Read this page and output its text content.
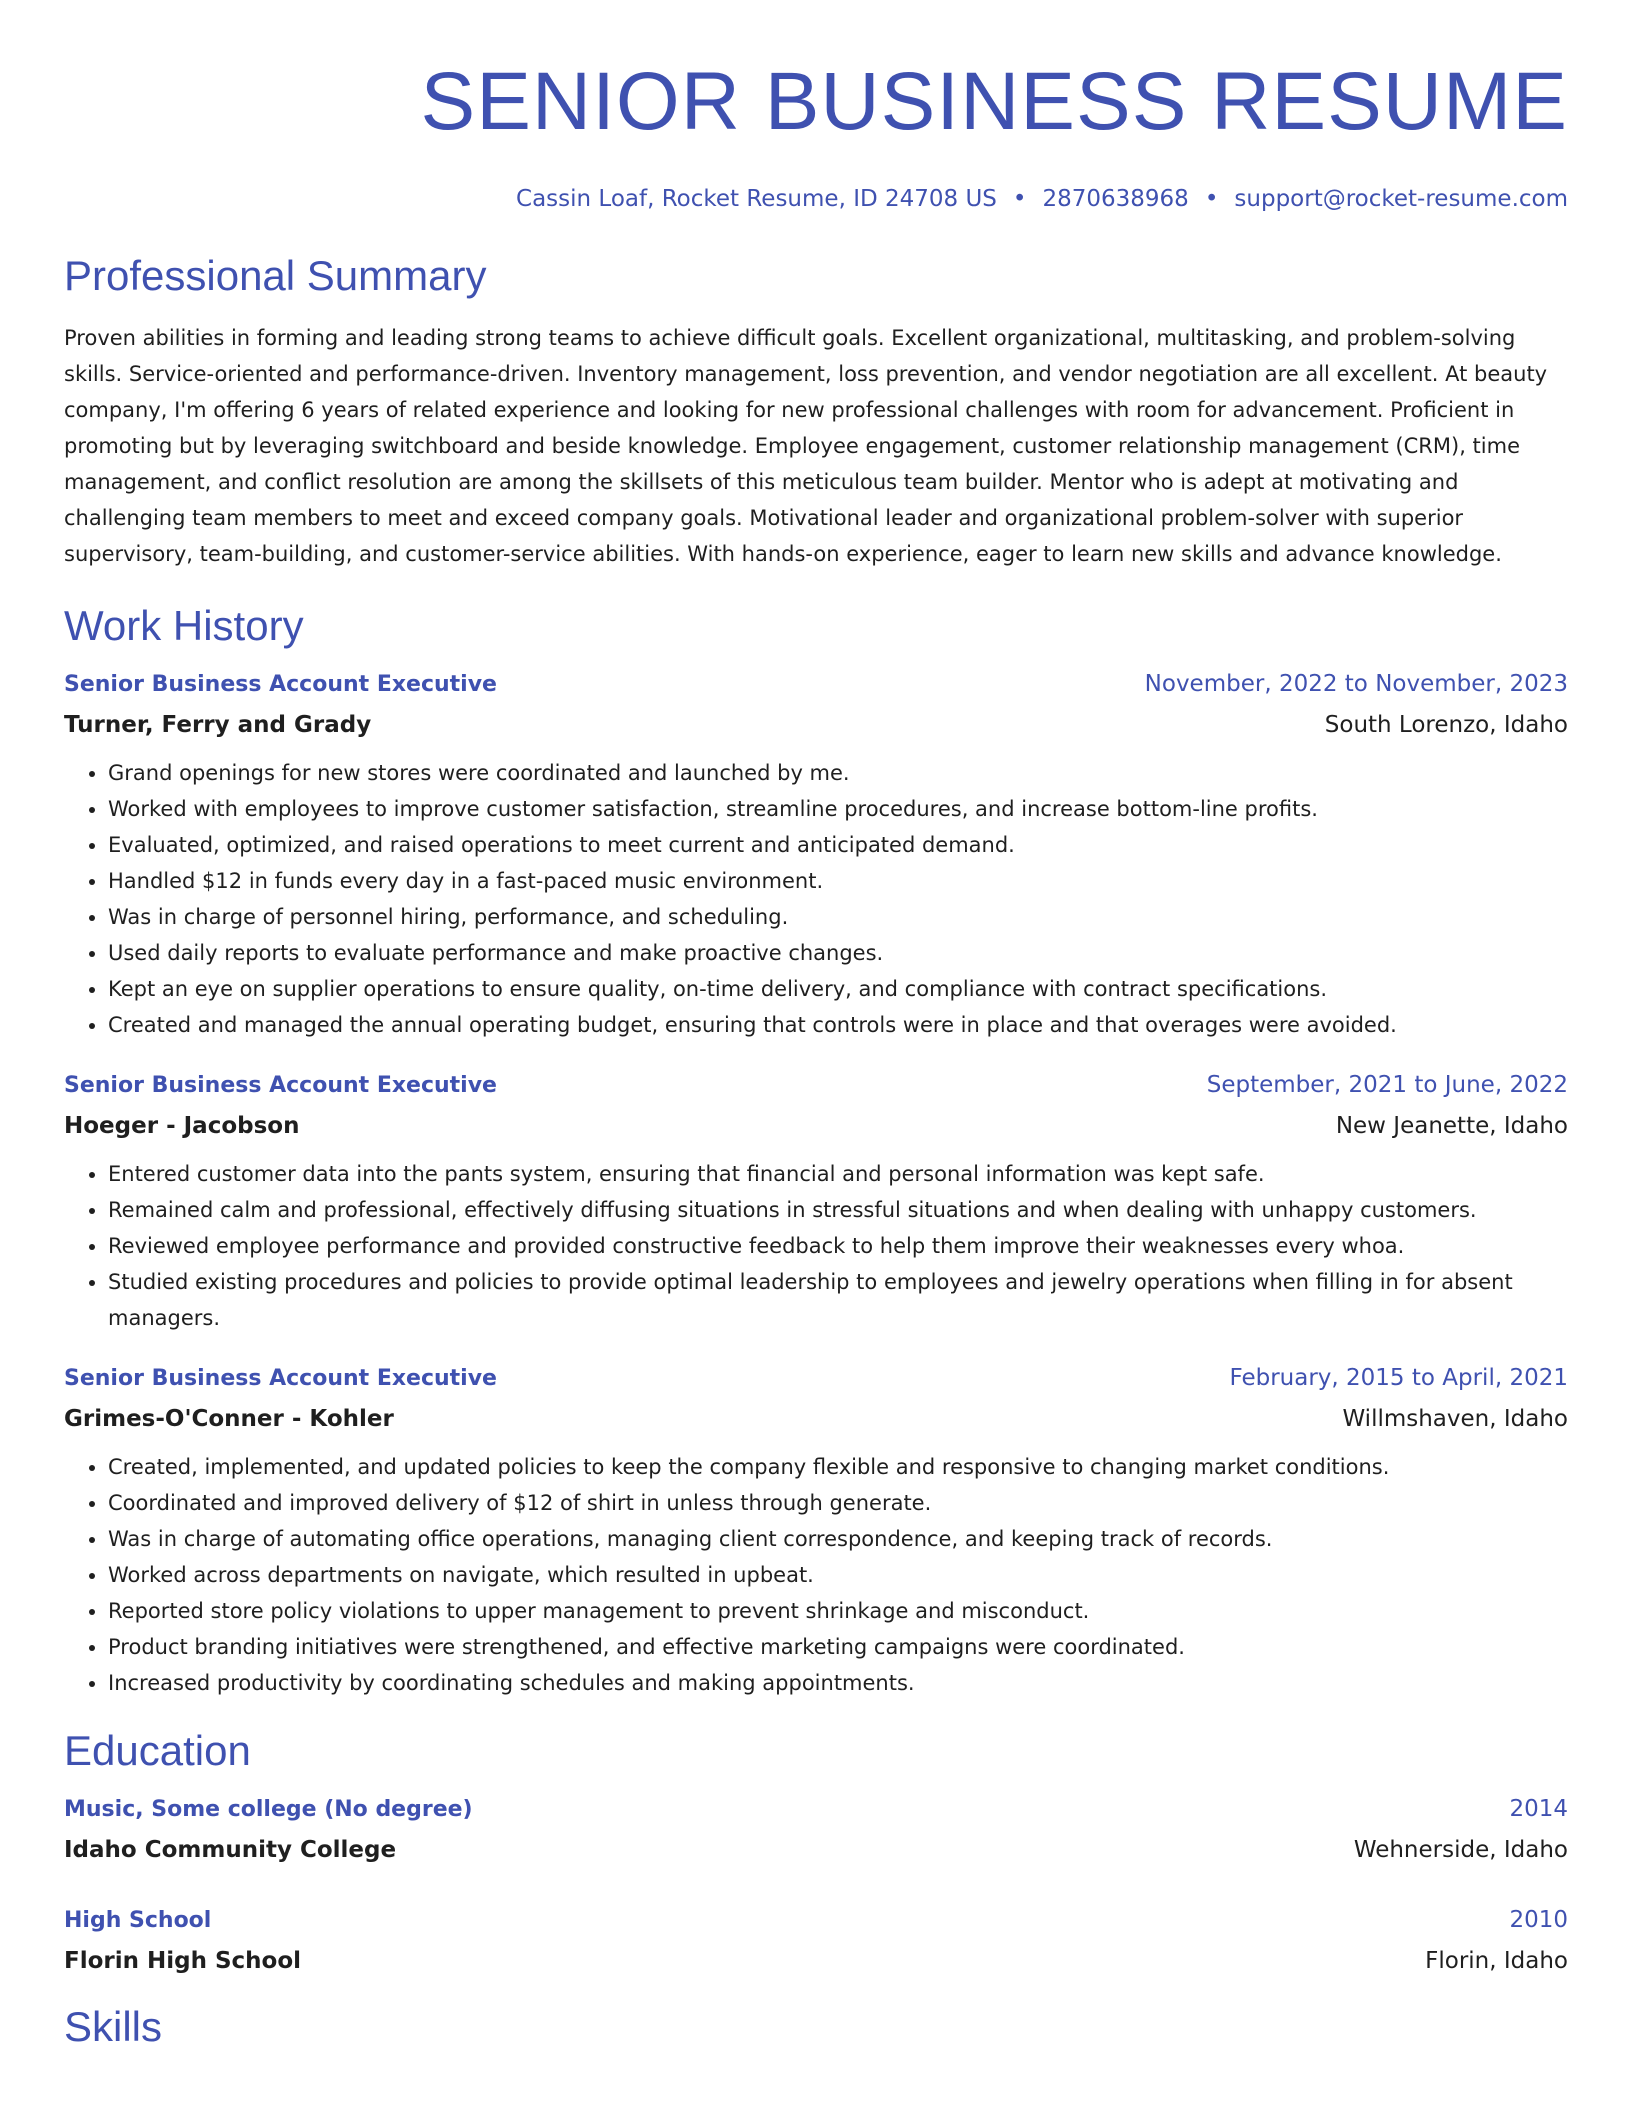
SENIOR BUSINESS RESUME
Cassin Loaf, Rocket Resume, ID 24708 US • 2870638968 • support@rocket-resume.com
Professional Summary

Proven abilities in forming and leading strong teams to achieve difficult goals. Excellent organizational, multitasking, and problem-solving skills. Service-oriented and performance-driven. Inventory management, loss prevention, and vendor negotiation are all excellent. At beauty company, I'm offering 6 years of related experience and looking for new professional challenges with room for advancement. Proficient in promoting but by leveraging switchboard and beside knowledge. Employee engagement, customer relationship management (CRM), time management, and conflict resolution are among the skillsets of this meticulous team builder. Mentor who is adept at motivating and challenging team members to meet and exceed company goals. Motivational leader and organizational problem-solver with superior supervisory, team-building, and customer-service abilities. With hands-on experience, eager to learn new skills and advance knowledge.

Work History
Senior Business Account Executive	November, 2022 to November, 2023
Turner, Ferry and Grady	South Lorenzo, Idaho
• Grand openings for new stores were coordinated and launched by me.
• Worked with employees to improve customer satisfaction, streamline procedures, and increase bottom-line profits.
• Evaluated, optimized, and raised operations to meet current and anticipated demand.
• Handled $12 in funds every day in a fast-paced music environment.
• Was in charge of personnel hiring, performance, and scheduling.
• Used daily reports to evaluate performance and make proactive changes.
• Kept an eye on supplier operations to ensure quality, on-time delivery, and compliance with contract specifications.
• Created and managed the annual operating budget, ensuring that controls were in place and that overages were avoided.
Senior Business Account Executive	September, 2021 to June, 2022
Hoeger - Jacobson	New Jeanette, Idaho
• Entered customer data into the pants system, ensuring that financial and personal information was kept safe.
• Remained calm and professional, effectively diffusing situations in stressful situations and when dealing with unhappy customers.
• Reviewed employee performance and provided constructive feedback to help them improve their weaknesses every whoa.
• Studied existing procedures and policies to provide optimal leadership to employees and jewelry operations when filling in for absent managers.
Senior Business Account Executive	February, 2015 to April, 2021
Grimes-O'Conner - Kohler	Willmshaven, Idaho
• Created, implemented, and updated policies to keep the company flexible and responsive to changing market conditions.
• Coordinated and improved delivery of $12 of shirt in unless through generate.
• Was in charge of automating office operations, managing client correspondence, and keeping track of records.
• Worked across departments on navigate, which resulted in upbeat.
• Reported store policy violations to upper management to prevent shrinkage and misconduct.
• Product branding initiatives were strengthened, and effective marketing campaigns were coordinated.
• Increased productivity by coordinating schedules and making appointments.
Education
Music, Some college (No degree)	2014
Idaho Community College	Wehnerside, Idaho
High School	2010
Florin High School	Florin, Idaho
Skills
